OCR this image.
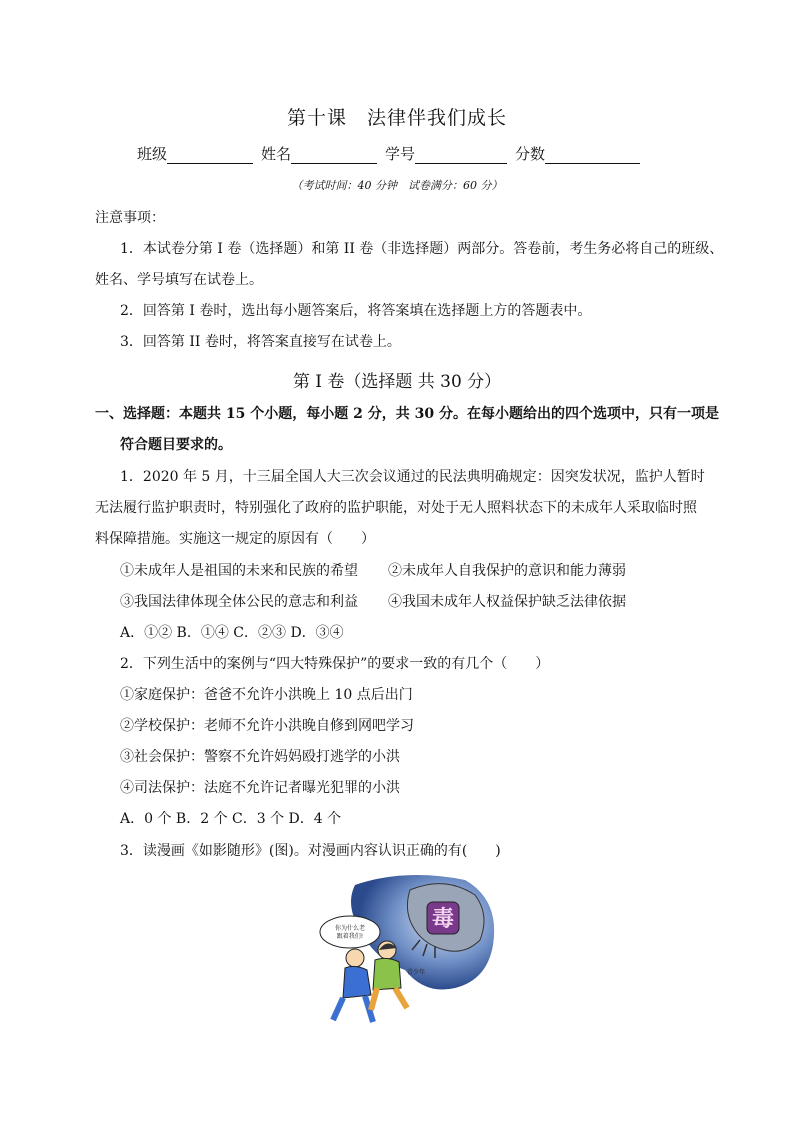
第十课　法律伴我们成长
班级	姓名	学号	分数
（考试时间：40 分钟　试卷满分：60 分）
注意事项：
1．本试卷分第 I 卷（选择题）和第 II 卷（非选择题）两部分。答卷前，考生务必将自己的班级、
姓名、学号填写在试卷上。
2．回答第 I 卷时，选出每小题答案后，将答案填在选择题上方的答题表中。
3．回答第 II 卷时，将答案直接写在试卷上。
第 I 卷（选择题 共 30 分）
一、选择题：本题共 15 个小题，每小题 2 分，共 30 分。在每小题给出的四个选项中，只有一项是
符合题目要求的。
1．2020 年 5 月，十三届全国人大三次会议通过的民法典明确规定：因突发状况，监护人暂时
无法履行监护职责时，特别强化了政府的监护职能，对处于无人照料状态下的未成年人采取临时照
料保障措施。实施这一规定的原因有（　　）
①未成年人是祖国的未来和民族的希望 ②未成年人自我保护的意识和能力薄弱
③我国法律体现全体公民的意志和利益 ④我国未成年人权益保护缺乏法律依据
A．①② B．①④ C．②③ D．③④
2．下列生活中的案例与“四大特殊保护”的要求一致的有几个（　　）
①家庭保护：爸爸不允许小洪晚上 10 点后出门
②学校保护：老师不允许小洪晚自修到网吧学习
③社会保护：警察不允许妈妈殴打逃学的小洪
④司法保护：法庭不允许记者曝光犯罪的小洪
A．0 个 B．2 个 C．3 个 D．4 个
3．读漫画《如影随形》(图)。对漫画内容认识正确的有(　　)
毒
你为什么老
跟着我们!
青少年
